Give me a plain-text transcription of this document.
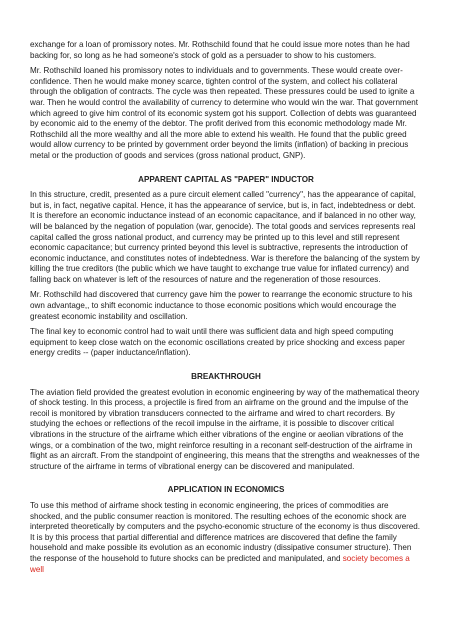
exchange for a loan of promissory notes. Mr. Rothschild found that he could issue more notes than he had backing for, so long as he had someone's stock of gold as a persuader to show to his customers.

Mr. Rothschild loaned his promissory notes to individuals and to governments. These would create over-confidence. Then he would make money scarce, tighten control of the system, and collect his collateral through the obligation of contracts. The cycle was then repeated. These pressures could be used to ignite a war. Then he would control the availability of currency to determine who would win the war. That government which agreed to give him control of its economic system got his support. Collection of debts was guaranteed by economic aid to the enemy of the debtor. The profit derived from this economic methodology made Mr. Rothschild all the more wealthy and all the more able to extend his wealth. He found that the public greed would allow currency to be printed by government order beyond the limits (inflation) of backing in precious metal or the production of goods and services (gross national product, GNP).

APPARENT CAPITAL AS "PAPER" INDUCTOR

In this structure, credit, presented as a pure circuit element called "currency", has the appearance of capital, but is, in fact, negative capital. Hence, it has the appearance of service, but is, in fact, indebtedness or debt. It is therefore an economic inductance instead of an economic capacitance, and if balanced in no other way, will be balanced by the negation of population (war, genocide). The total goods and services represents real capital called the gross national product, and currency may be printed up to this level and still represent economic capacitance; but currency printed beyond this level is subtractive, represents the introduction of economic inductance, and constitutes notes of indebtedness. War is therefore the balancing of the system by killing the true creditors (the public which we have taught to exchange true value for inflated currency) and falling back on whatever is left of the resources of nature and the regeneration of those resources.

Mr. Rothschild had discovered that currency gave him the power to rearrange the economic structure to his own advantage,, to shift economic inductance to those economic positions which would encourage the greatest economic instability and oscillation.

The final key to economic control had to wait until there was sufficient data and high speed computing equipment to keep close watch on the economic oscillations created by price shocking and excess paper energy credits -- (paper inductance/inflation).

BREAKTHROUGH

The aviation field provided the greatest evolution in economic engineering by way of the mathematical theory of shock testing. In this process, a projectile is fired from an airframe on the ground and the impulse of the recoil is monitored by vibration transducers connected to the airframe and wired to chart recorders. By studying the echoes or reflections of the recoil impulse in the airframe, it is possible to discover critical vibrations in the structure of the airframe which either vibrations of the engine or aeolian vibrations of the wings, or a combination of the two, might reinforce resulting in a reconant self-destruction of the airframe in flight as an aircraft. From the standpoint of engineering, this means that the strengths and weaknesses of the structure of the airframe in terms of vibrational energy can be discovered and manipulated.

APPLICATION IN ECONOMICS

To use this method of airframe shock testing in economic engineering, the prices of commodities are shocked, and the public consumer reaction is monitored. The resulting echoes of the economic shock are interpreted theoretically by computers and the psycho-economic structure of the economy is thus discovered. It is by this process that partial differential and difference matrices are discovered that define the family household and make possible its evolution as an economic industry (dissipative consumer structure). Then the response of the household to future shocks can be predicted and manipulated, and society becomes a well
